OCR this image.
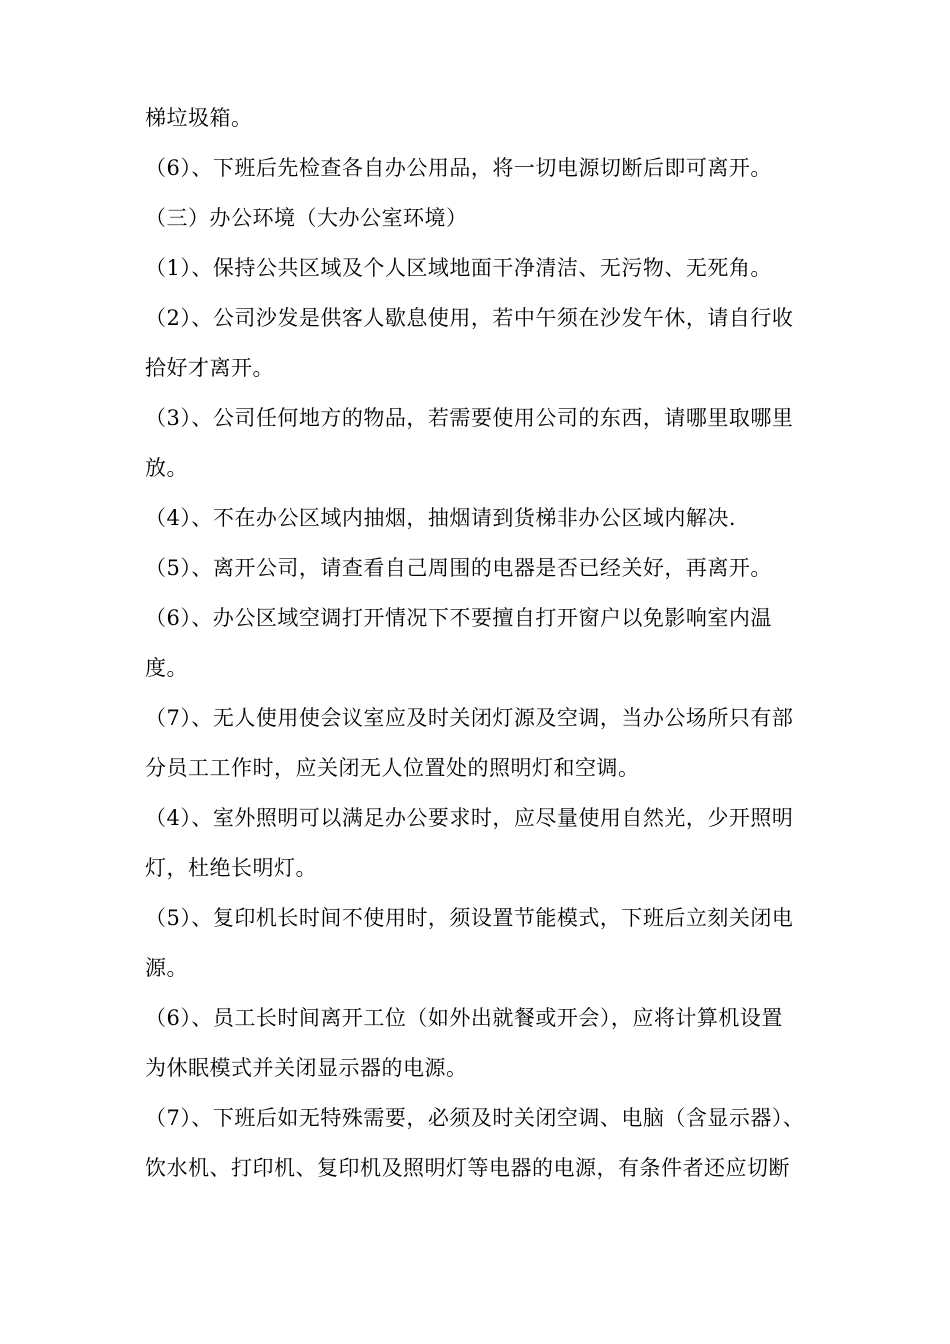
梯垃圾箱。
（6）、下班后先检查各自办公用品，将一切电源切断后即可离开。
（三）办公环境（大办公室环境）
（1）、保持公共区域及个人区域地面干净清洁、无污物、无死角。
（2）、公司沙发是供客人歇息使用，若中午须在沙发午休，请自行收
拾好才离开。
（3）、公司任何地方的物品，若需要使用公司的东西，请哪里取哪里
放。
（4）、不在办公区域内抽烟，抽烟请到货梯非办公区域内解决.
（5）、离开公司，请查看自己周围的电器是否已经关好，再离开。
（6）、办公区域空调打开情况下不要擅自打开窗户以免影响室内温
度。
（7）、无人使用使会议室应及时关闭灯源及空调，当办公场所只有部
分员工工作时，应关闭无人位置处的照明灯和空调。
（4）、室外照明可以满足办公要求时，应尽量使用自然光，少开照明
灯，杜绝长明灯。
（5）、复印机长时间不使用时，须设置节能模式，下班后立刻关闭电
源。
（6）、员工长时间离开工位（如外出就餐或开会），应将计算机设置
为休眠模式并关闭显示器的电源。
（7）、下班后如无特殊需要，必须及时关闭空调、电脑（含显示器）、
饮水机、打印机、复印机及照明灯等电器的电源，有条件者还应切断
